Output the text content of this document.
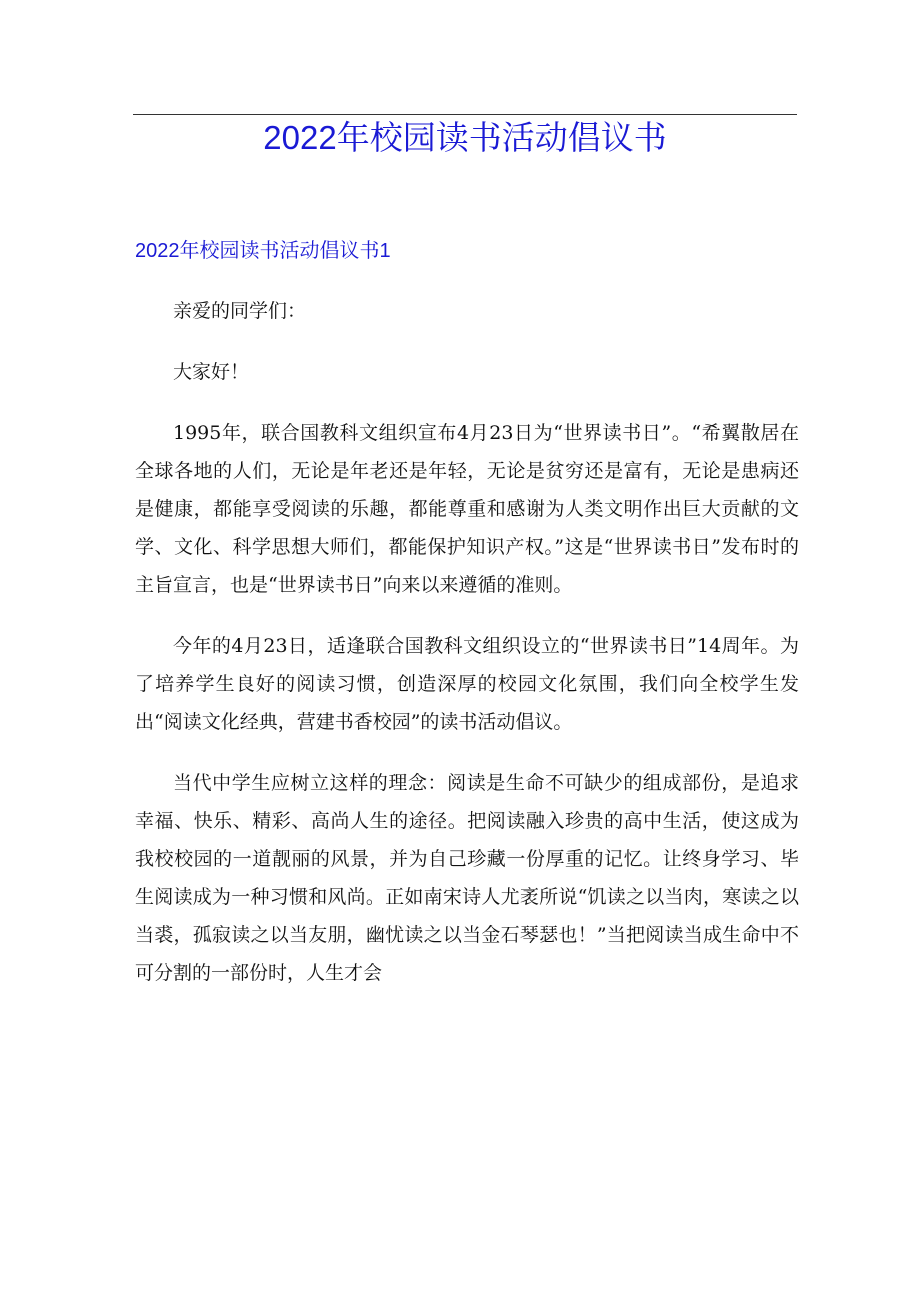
2022年校园读书活动倡议书
2022年校园读书活动倡议书1

亲爱的同学们：

大家好！

1995年，联合国教科文组织宣布4月23日为“世界读书日”。“希翼散居在全球各地的人们，无论是年老还是年轻，无论是贫穷还是富有，无论是患病还是健康，都能享受阅读的乐趣，都能尊重和感谢为人类文明作出巨大贡献的文学、文化、科学思想大师们，都能保护知识产权。”这是“世界读书日”发布时的主旨宣言，也是“世界读书日”向来以来遵循的准则。

今年的4月23日，适逢联合国教科文组织设立的“世界读书日”14周年。为了培养学生良好的阅读习惯，创造深厚的校园文化氛围，我们向全校学生发出“阅读文化经典，营建书香校园”的读书活动倡议。

当代中学生应树立这样的理念：阅读是生命不可缺少的组成部份，是追求幸福、快乐、精彩、高尚人生的途径。把阅读融入珍贵的高中生活，使这成为我校校园的一道靓丽的风景，并为自己珍藏一份厚重的记忆。让终身学习、毕生阅读成为一种习惯和风尚。正如南宋诗人尤袤所说“饥读之以当肉，寒读之以当裘，孤寂读之以当友朋，幽忧读之以当金石琴瑟也！”当把阅读当成生命中不可分割的一部份时，人生才会
